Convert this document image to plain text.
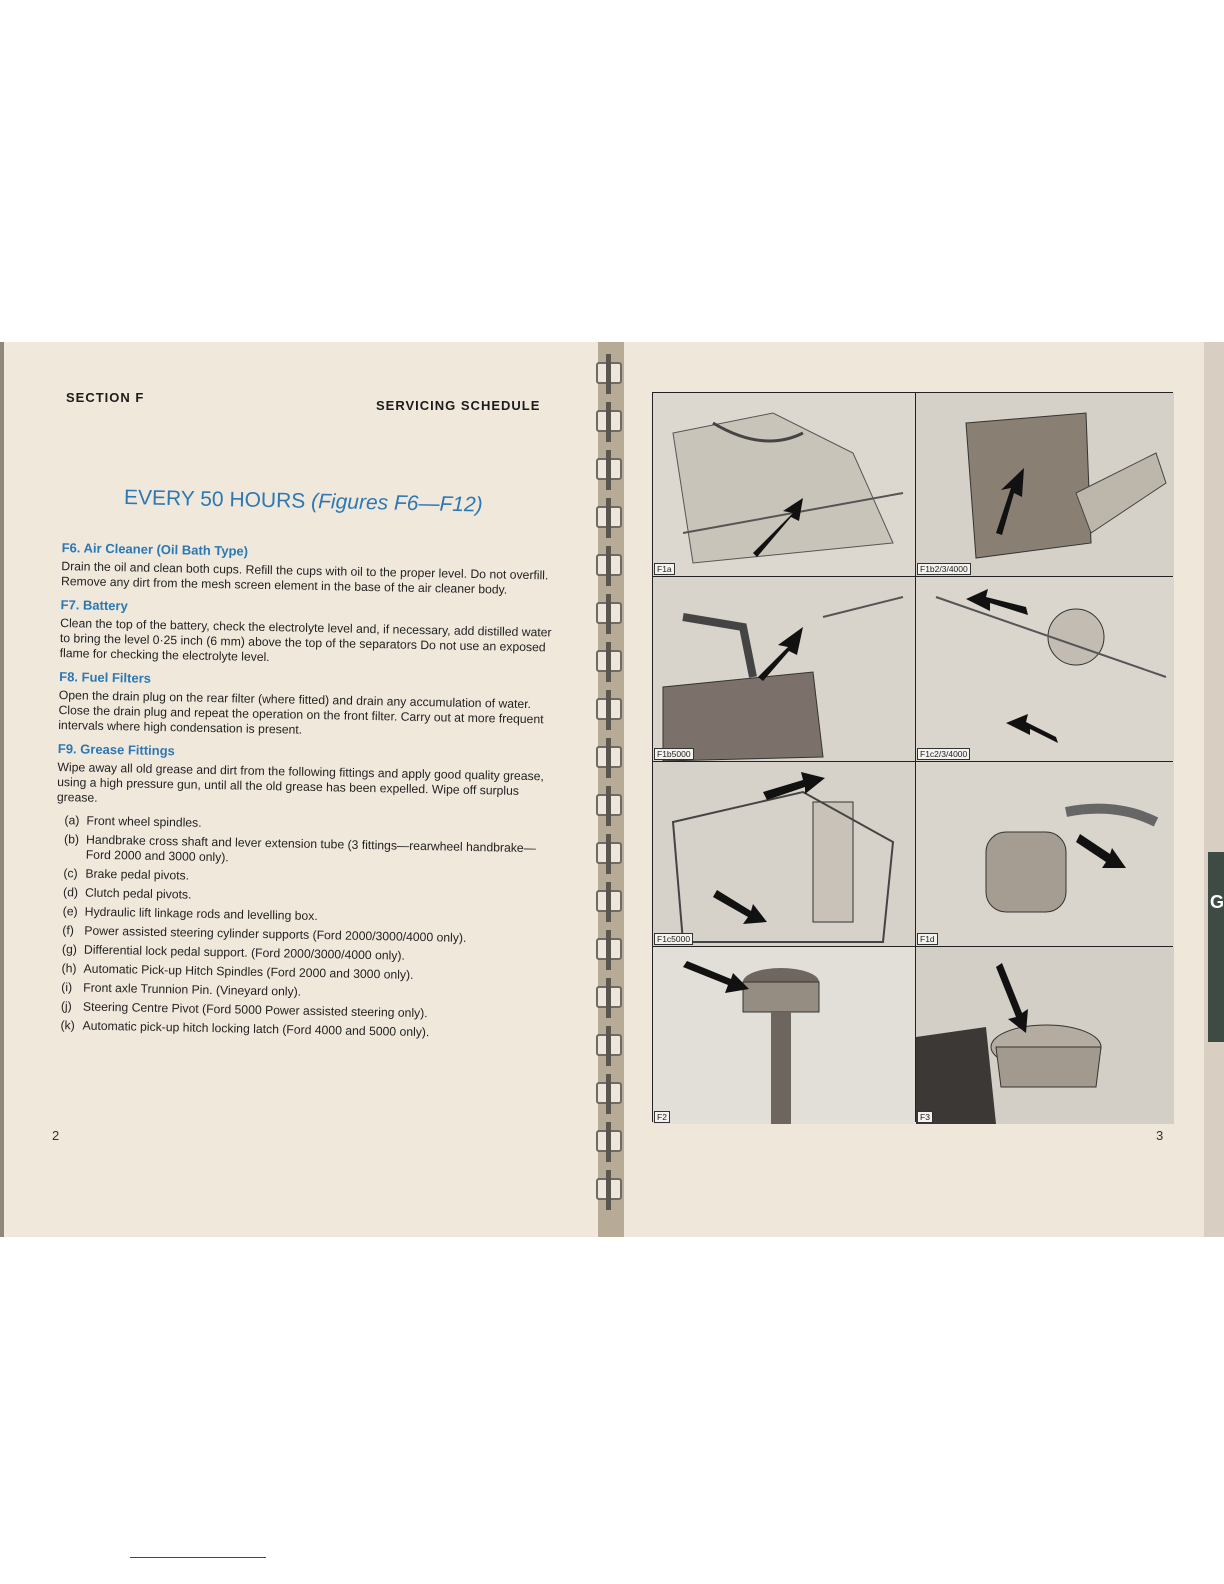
SECTION F
SERVICING SCHEDULE
EVERY 50 HOURS (Figures F6—F12)
F6. Air Cleaner (Oil Bath Type)

Drain the oil and clean both cups. Refill the cups with oil to the proper level. Do not overfill. Remove any dirt from the mesh screen element in the base of the air cleaner body.

F7. Battery

Clean the top of the battery, check the electrolyte level and, if necessary, add distilled water to bring the level 0·25 inch (6 mm) above the top of the separators Do not use an exposed flame for checking the electrolyte level.

F8. Fuel Filters

Open the drain plug on the rear filter (where fitted) and drain any accumulation of water. Close the drain plug and repeat the operation on the front filter. Carry out at more frequent intervals where high condensation is present.

F9. Grease Fittings

Wipe away all old grease and dirt from the following fittings and apply good quality grease, using a high pressure gun, until all the old grease has been expelled. Wipe off surplus grease.

(a) Front wheel spindles.
(b) Handbrake cross shaft and lever extension tube (3 fittings—rearwheel handbrake—Ford 2000 and 3000 only).
(c) Brake pedal pivots.
(d) Clutch pedal pivots.
(e) Hydraulic lift linkage rods and levelling box.
(f) Power assisted steering cylinder supports (Ford 2000/3000/4000 only).
(g) Differential lock pedal support. (Ford 2000/3000/4000 only).
(h) Automatic Pick-up Hitch Spindles (Ford 2000 and 3000 only).
(i) Front axle Trunnion Pin. (Vineyard only).
(j) Steering Centre Pivot (Ford 5000 Power assisted steering only).
(k) Automatic pick-up hitch locking latch (Ford 4000 and 5000 only).
2	3
G
F1a	F1b2/3/4000
F1b5000	F1c2/3/4000
F1c5000	F1d
F2	F3
